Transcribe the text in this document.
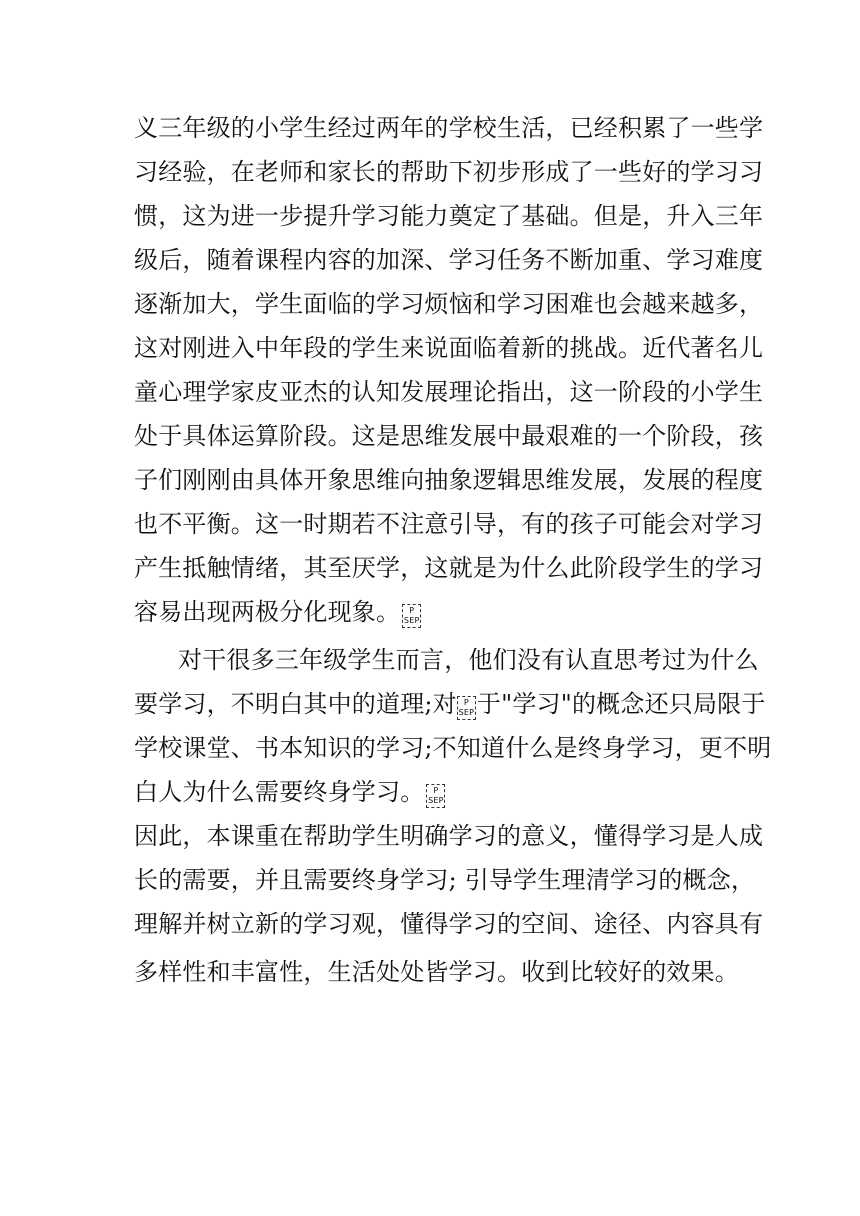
义三年级的小学生经过两年的学校生活，已经积累了一些学
习经验，在老师和家长的帮助下初步形成了一些好的学习习
惯，这为进一步提升学习能力奠定了基础。但是，升入三年
级后，随着课程内容的加深、学习任务不断加重、学习难度
逐渐加大，学生面临的学习烦恼和学习困难也会越来越多，
这对刚进入中年段的学生来说面临着新的挑战。近代著名儿
童心理学家皮亚杰的认知发展理论指出，这一阶段的小学生
处于具体运算阶段。这是思维发展中最艰难的一个阶段，孩
子们刚刚由具体开象思维向抽象逻辑思维发展，发展的程度
也不平衡。这一时期若不注意引导，有的孩子可能会对学习
产生抵触情绪，其至厌学，这就是为什么此阶段学生的学习
容易出现两极分化现象。	P
SEP
对干很多三年级学生而言，他们没有认直思考过为什么
要学习，不明白其中的道理;对 P
SEP 于"学习"的概念还只局限于
学校课堂、书本知识的学习;不知道什么是终身学习，更不明
白人为什么需要终身学习。	P
SEP
因此，本课重在帮助学生明确学习的意义，懂得学习是人成
长的需要，并且需要终身学习; 引导学生理清学习的概念，
理解并树立新的学习观，懂得学习的空间、途径、内容具有
多样性和丰富性，生活处处皆学习。收到比较好的效果。
